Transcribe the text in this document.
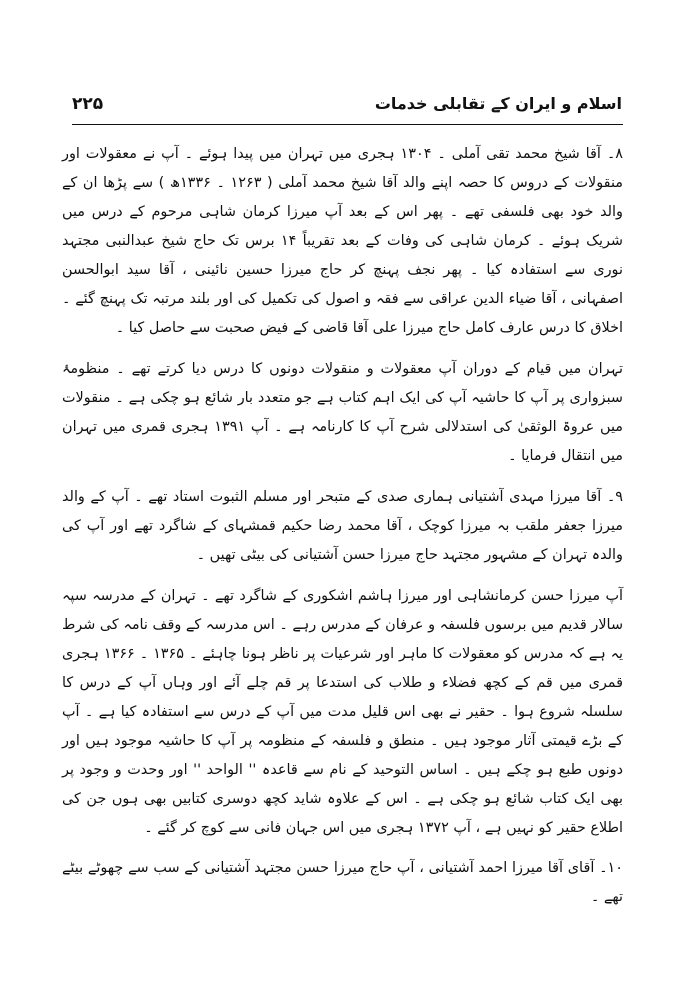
اسلام و ایران کے تقابلی خدمات
۲۲۵

۸۔ آقا شیخ محمد تقی آملی ۔ ۱۳۰۴ ہجری میں تہران میں پیدا ہوئے ۔ آپ نے معقولات اور منقولات کے دروس کا حصہ اپنے والد آقا شیخ محمد آملی ( ۱۲۶۳ ۔ ۱۳۳۶ھ ) سے پڑھا ان کے والد خود بھی فلسفی تھے ۔ پھر اس کے بعد آپ میرزا کرمان شاہی مرحوم کے درس میں شریک ہوئے ۔ کرمان شاہی کی وفات کے بعد تقریباً ۱۴ برس تک حاج شیخ عبدالنبی مجتہد نوری سے استفادہ کیا ۔ پھر نجف پہنچ کر حاج میرزا حسین نائینی ، آقا سید ابوالحسن اصفہانی ، آقا ضیاء الدین عراقی سے فقہ و اصول کی تکمیل کی اور بلند مرتبہ تک پہنچ گئے ۔ اخلاق کا درس عارف کامل حاج میرزا علی آقا قاضی کے فیض صحبت سے حاصل کیا ۔

تہران میں قیام کے دوران آپ معقولات و منقولات دونوں کا درس دیا کرتے تھے ۔ منظومۂ سبزواری پر آپ کا حاشیہ آپ کی ایک اہم کتاب ہے جو متعدد بار شائع ہو چکی ہے ۔ منقولات میں عروۃ الوثقیٰ کی استدلالی شرح آپ کا کارنامہ ہے ۔ آپ ۱۳۹۱ ہجری قمری میں تہران میں انتقال فرمایا ۔

۹۔ آقا میرزا مہدی آشتیانی ہماری صدی کے متبحر اور مسلم الثبوت استاد تھے ۔ آپ کے والد میرزا جعفر ملقب بہ میرزا کوچک ، آقا محمد رضا حکیم قمشہای کے شاگرد تھے اور آپ کی والدہ تہران کے مشہور مجتہد حاج میرزا حسن آشتیانی کی بیٹی تھیں ۔

آپ میرزا حسن کرمانشاہی اور میرزا ہاشم اشکوری کے شاگرد تھے ۔ تہران کے مدرسہ سپہ سالار قدیم میں برسوں فلسفہ و عرفان کے مدرس رہے ۔ اس مدرسہ کے وقف نامہ کی شرط یہ ہے کہ مدرس کو معقولات کا ماہر اور شرعیات پر ناظر ہونا چاہئے ۔ ۱۳۶۵ ۔ ۱۳۶۶ ہجری قمری میں قم کے کچھ فضلاء و طلاب کی استدعا پر قم چلے آئے اور وہاں آپ کے درس کا سلسلہ شروع ہوا ۔ حقیر نے بھی اس قلیل مدت میں آپ کے درس سے استفادہ کیا ہے ۔ آپ کے بڑے قیمتی آثار موجود ہیں ۔ منطق و فلسفہ کے منظومہ پر آپ کا حاشیہ موجود ہیں اور دونوں طبع ہو چکے ہیں ۔ اساس التوحید کے نام سے قاعدہ '' الواحد '' اور وحدت و وجود پر بھی ایک کتاب شائع ہو چکی ہے ۔ اس کے علاوہ شاید کچھ دوسری کتابیں بھی ہوں جن کی اطلاع حقیر کو نہیں ہے ، آپ ۱۳۷۲ ہجری میں اس جہان فانی سے کوچ کر گئے ۔

۱۰۔ آقای آقا میرزا احمد آشتیانی ، آپ حاج میرزا حسن مجتہد آشتیانی کے سب سے چھوٹے بیٹے تھے ۔
